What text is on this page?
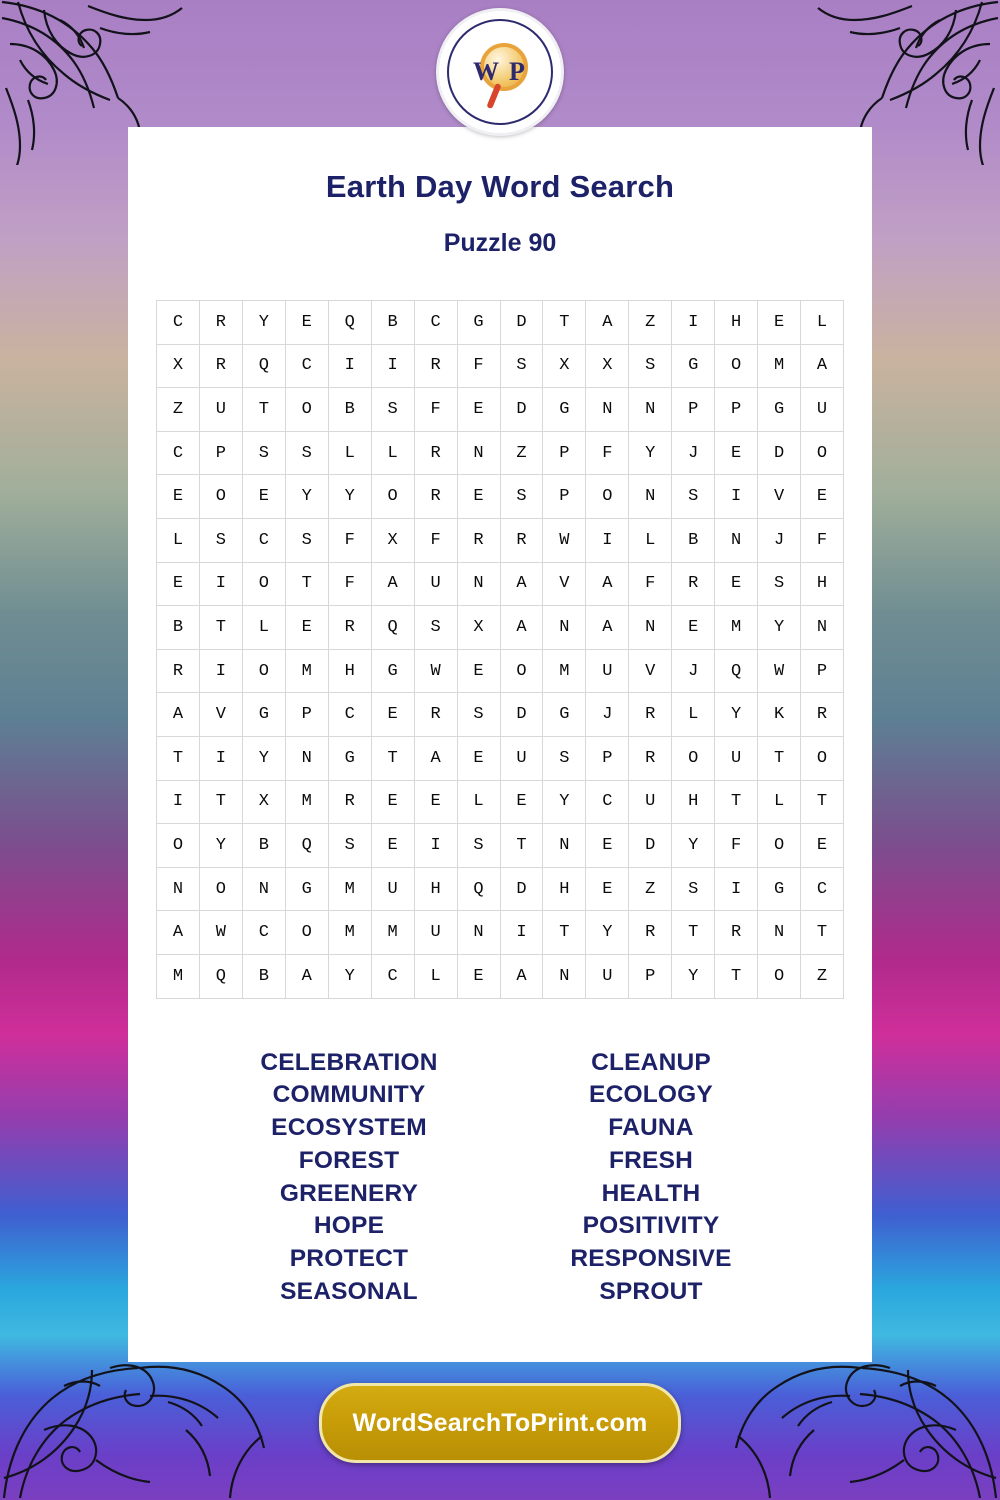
W P
Earth Day Word Search
Puzzle 90
C	R	Y	E	Q	B	C	G	D	T	A	Z	I	H	E	L
X	R	Q	C	I	I	R	F	S	X	X	S	G	O	M	A
Z	U	T	O	B	S	F	E	D	G	N	N	P	P	G	U
C	P	S	S	L	L	R	N	Z	P	F	Y	J	E	D	O
E	O	E	Y	Y	O	R	E	S	P	O	N	S	I	V	E
L	S	C	S	F	X	F	R	R	W	I	L	B	N	J	F
E	I	O	T	F	A	U	N	A	V	A	F	R	E	S	H
B	T	L	E	R	Q	S	X	A	N	A	N	E	M	Y	N
R	I	O	M	H	G	W	E	O	M	U	V	J	Q	W	P
A	V	G	P	C	E	R	S	D	G	J	R	L	Y	K	R
T	I	Y	N	G	T	A	E	U	S	P	R	O	U	T	O
I	T	X	M	R	E	E	L	E	Y	C	U	H	T	L	T
O	Y	B	Q	S	E	I	S	T	N	E	D	Y	F	O	E
N	O	N	G	M	U	H	Q	D	H	E	Z	S	I	G	C
A	W	C	O	M	M	U	N	I	T	Y	R	T	R	N	T
M	Q	B	A	Y	C	L	E	A	N	U	P	Y	T	O	Z
CELEBRATION
COMMUNITY
ECOSYSTEM
FOREST
GREENERY
HOPE
PROTECT
SEASONAL
CLEANUP
ECOLOGY
FAUNA
FRESH
HEALTH
POSITIVITY
RESPONSIVE
SPROUT
WordSearchToPrint.com
